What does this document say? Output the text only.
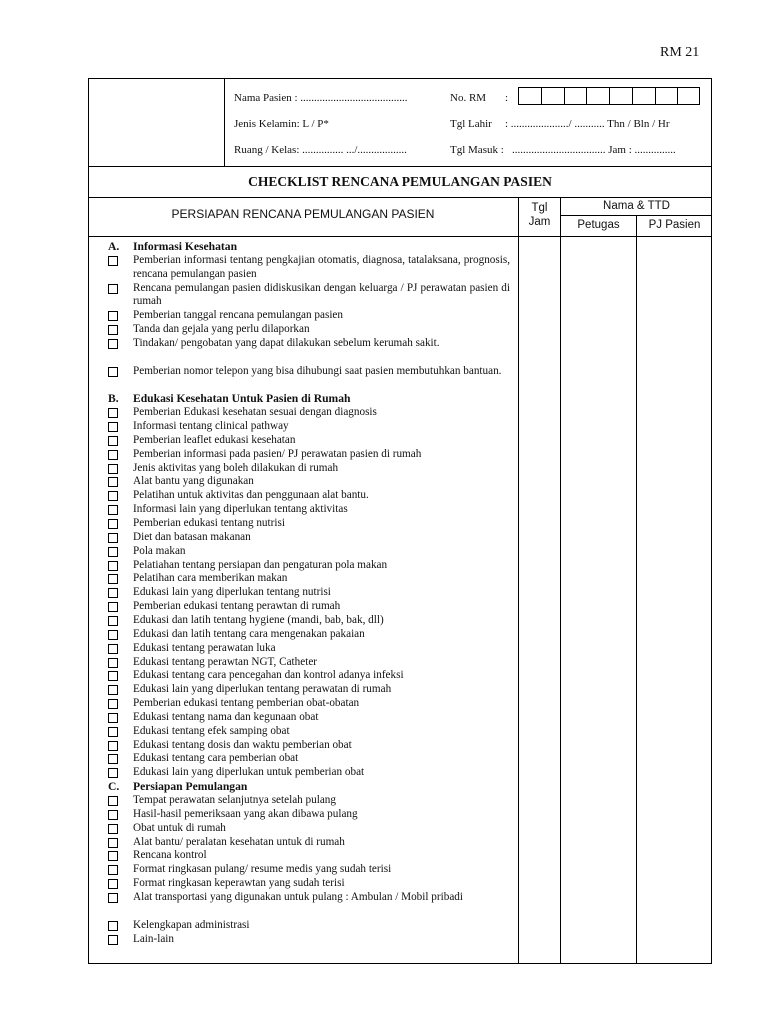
RM 21
Nama Pasien : .......................................	No. RM :
Jenis Kelamin: L / P*	Tgl Lahir : ...................../ ........... Thn / Bln / Hr
Ruang / Kelas: ............... .../..................	Tgl Masuk : .................................. Jam : ...............
CHECKLIST RENCANA PEMULANGAN PASIEN
PERSIAPAN RENCANA PEMULANGAN PASIEN	Tgl
Jam
Nama & TTD
Petugas	PJ Pasien
A. Informasi Kesehatan
Pemberian informasi tentang pengkajian otomatis, diagnosa, tatalaksana, prognosis, rencana pemulangan pasien
Rencana pemulangan pasien didiskusikan dengan keluarga / PJ perawatan pasien di rumah
Pemberian tanggal rencana pemulangan pasien
Tanda dan gejala yang perlu dilaporkan
Tindakan/ pengobatan yang dapat dilakukan sebelum kerumah sakit.
Pemberian nomor telepon yang bisa dihubungi saat pasien membutuhkan bantuan.
B. Edukasi Kesehatan Untuk Pasien di Rumah
Pemberian Edukasi kesehatan sesuai dengan diagnosis
Informasi tentang clinical pathway
Pemberian leaflet edukasi kesehatan
Pemberian informasi pada pasien/ PJ perawatan pasien di rumah
Jenis aktivitas yang boleh dilakukan di rumah
Alat bantu yang digunakan
Pelatihan untuk aktivitas dan penggunaan alat bantu.
Informasi lain yang diperlukan tentang aktivitas
Pemberian edukasi tentang nutrisi
Diet dan batasan makanan
Pola makan
Pelatiahan tentang persiapan dan pengaturan pola makan
Pelatihan cara memberikan makan
Edukasi lain yang diperlukan tentang nutrisi
Pemberian edukasi tentang perawtan di rumah
Edukasi dan latih tentang hygiene (mandi, bab, bak, dll)
Edukasi dan latih tentang cara mengenakan pakaian
Edukasi tentang perawatan luka
Edukasi tentang perawtan NGT, Catheter
Edukasi tentang cara pencegahan dan kontrol adanya infeksi
Edukasi lain yang diperlukan tentang perawatan di rumah
Pemberian edukasi tentang pemberian obat-obatan
Edukasi tentang nama dan kegunaan obat
Edukasi tentang efek samping obat
Edukasi tentang dosis dan waktu pemberian obat
Edukasi tentang cara pemberian obat
Edukasi lain yang diperlukan untuk pemberian obat
C. Persiapan Pemulangan
Tempat perawatan selanjutnya setelah pulang
Hasil-hasil pemeriksaan yang akan dibawa pulang
Obat untuk di rumah
Alat bantu/ peralatan kesehatan untuk di rumah
Rencana kontrol
Format ringkasan pulang/ resume medis yang sudah terisi
Format ringkasan keperawtan yang sudah terisi
Alat transportasi yang digunakan untuk pulang : Ambulan / Mobil pribadi
Kelengkapan administrasi
Lain-lain
